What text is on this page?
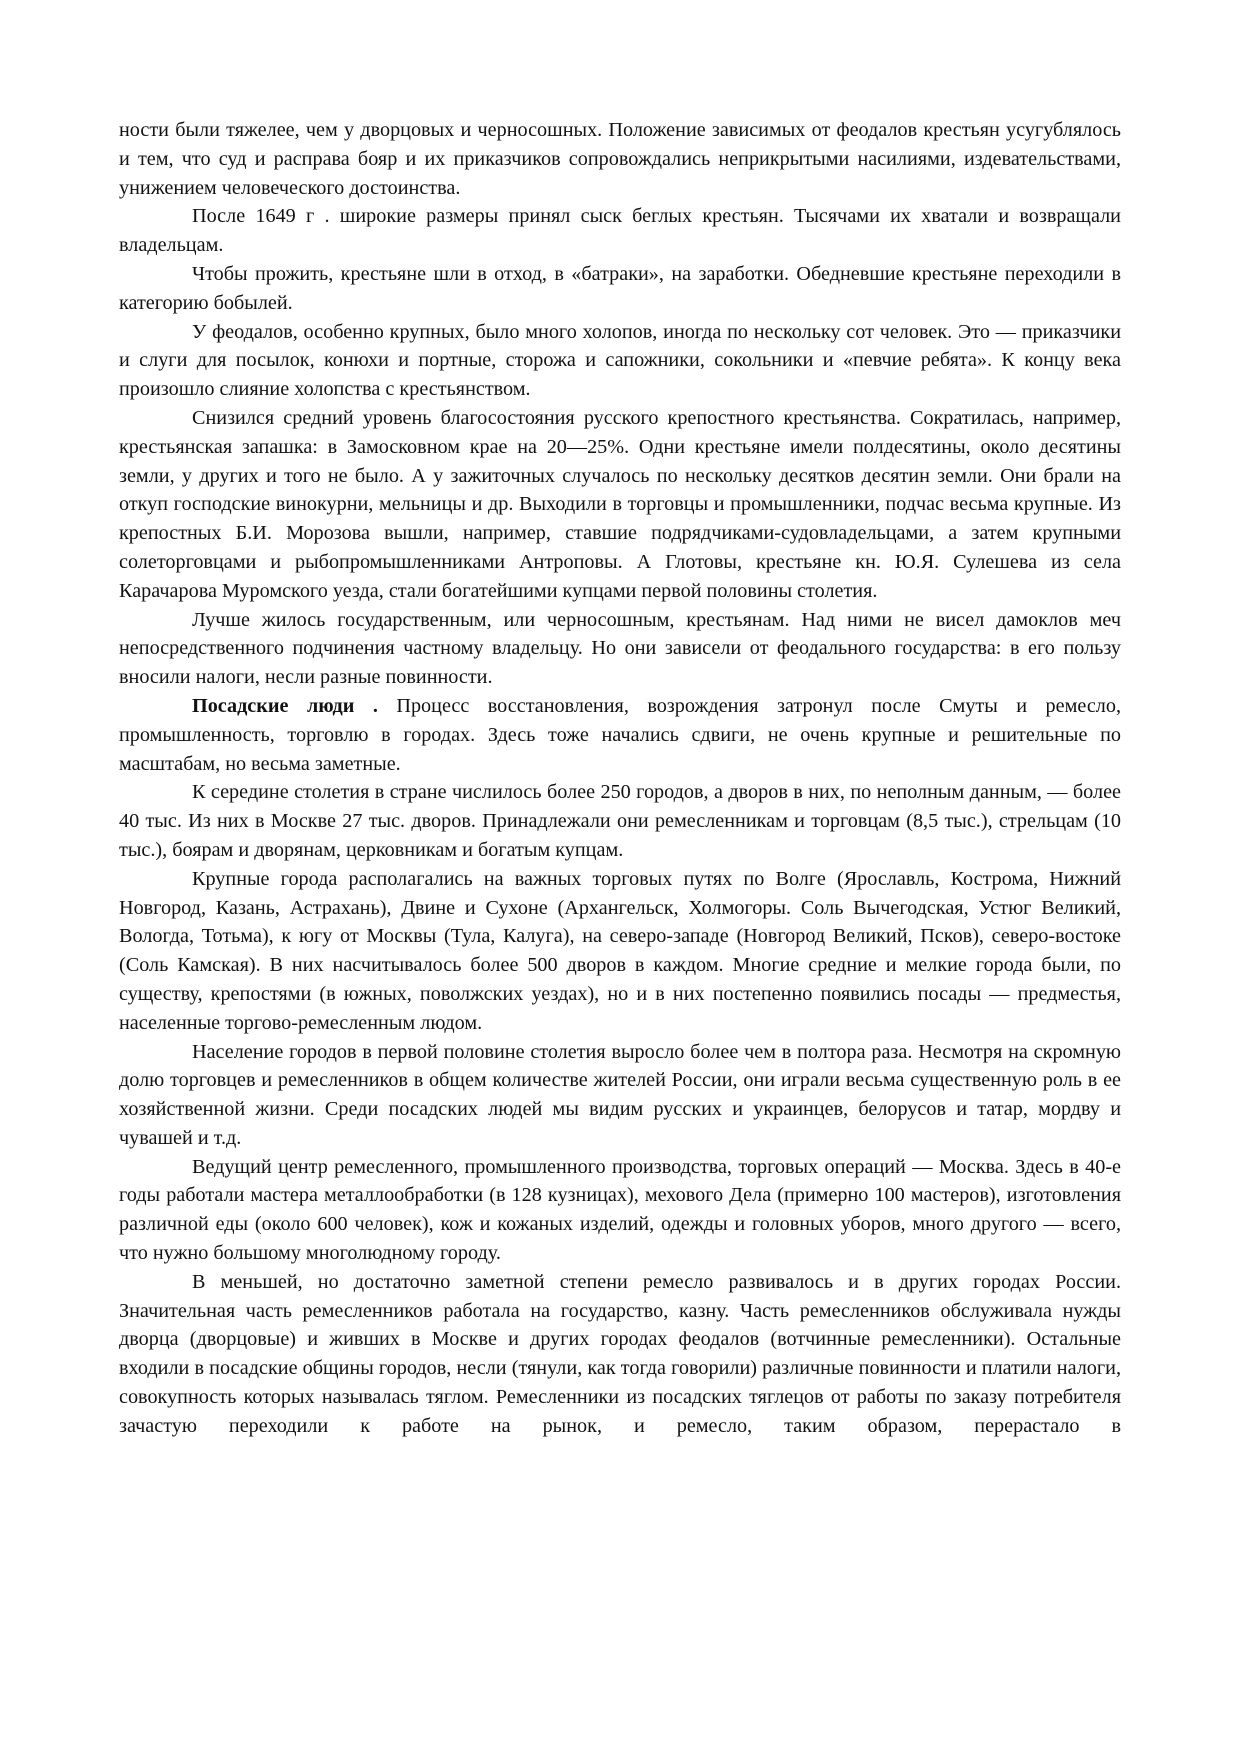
ности были тяжелее, чем у дворцовых и черносошных. Положение зависимых от феодалов крестьян усугублялось и тем, что суд и расправа бояр и их приказчиков сопровождались неприкрытыми насилиями, издевательствами, унижением человеческого достоинства.

После 1649 г . широкие размеры принял сыск беглых крестьян. Тысячами их хватали и возвращали владельцам.

Чтобы прожить, крестьяне шли в отход, в «батраки», на заработки. Обедневшие крестьяне переходили в категорию бобылей.

У феодалов, особенно крупных, было много холопов, иногда по нескольку сот человек. Это — приказчики и слуги для посылок, конюхи и портные, сторожа и сапожники, сокольники и «певчие ребята». К концу века произошло слияние холопства с крестьянством.

Снизился средний уровень благосостояния русского крепостного крестьянства. Сократилась, например, крестьянская запашка: в Замосковном крае на 20—25%. Одни крестьяне имели полдесятины, около десятины земли, у других и того не было. А у зажиточных случалось по нескольку десятков десятин земли. Они брали на откуп господские винокурни, мельницы и др. Выходили в торговцы и промышленники, подчас весьма крупные. Из крепостных Б.И. Морозова вышли, например, ставшие подрядчиками-судовладельцами, а затем крупными солеторговцами и рыбопромышленниками Антроповы. А Глотовы, крестьяне кн. Ю.Я. Сулешева из села Карачарова Муромского уезда, стали богатейшими купцами первой половины столетия.

Лучше жилось государственным, или черносошным, крестьянам. Над ними не висел дамоклов меч непосредственного подчинения частному владельцу. Но они зависели от феодального государства: в его пользу вносили налоги, несли разные повинности.

Посадские люди . Процесс восстановления, возрождения затронул после Смуты и ремесло, промышленность, торговлю в городах. Здесь тоже начались сдвиги, не очень крупные и решительные по масштабам, но весьма заметные.

К середине столетия в стране числилось более 250 городов, а дворов в них, по неполным данным, — более 40 тыс. Из них в Москве 27 тыс. дворов. Принадлежали они ремесленникам и торговцам (8,5 тыс.), стрельцам (10 тыс.), боярам и дворянам, церковникам и богатым купцам.

Крупные города располагались на важных торговых путях по Волге (Ярославль, Кострома, Нижний Новгород, Казань, Астрахань), Двине и Сухоне (Архангельск, Холмогоры. Соль Вычегодская, Устюг Великий, Вологда, Тотьма), к югу от Москвы (Тула, Калуга), на северо-западе (Новгород Великий, Псков), северо-востоке (Соль Камская). В них насчитывалось более 500 дворов в каждом. Многие средние и мелкие города были, по существу, крепостями (в южных, поволжских уездах), но и в них постепенно появились посады — предместья, населенные торгово-ремесленным людом.

Население городов в первой половине столетия выросло более чем в полтора раза. Несмотря на скромную долю торговцев и ремесленников в общем количестве жителей России, они играли весьма существенную роль в ее хозяйственной жизни. Среди посадских людей мы видим русских и украинцев, белорусов и татар, мордву и чувашей и т.д.

Ведущий центр ремесленного, промышленного производства, торговых операций — Москва. Здесь в 40-е годы работали мастера металлообработки (в 128 кузницах), мехового Дела (примерно 100 мастеров), изготовления различной еды (около 600 человек), кож и кожаных изделий, одежды и головных уборов, много другого — всего, что нужно большому многолюдному городу.

В меньшей, но достаточно заметной степени ремесло развивалось и в других городах России. Значительная часть ремесленников работала на государство, казну. Часть ремесленников обслуживала нужды дворца (дворцовые) и живших в Москве и других городах феодалов (вотчинные ремесленники). Остальные входили в посадские общины городов, несли (тянули, как тогда говорили) различные повинности и платили налоги, совокупность которых называлась тяглом. Ремесленники из посадских тяглецов от работы по заказу потребителя зачастую переходили к работе на рынок, и ремесло, таким образом, перерастало в
